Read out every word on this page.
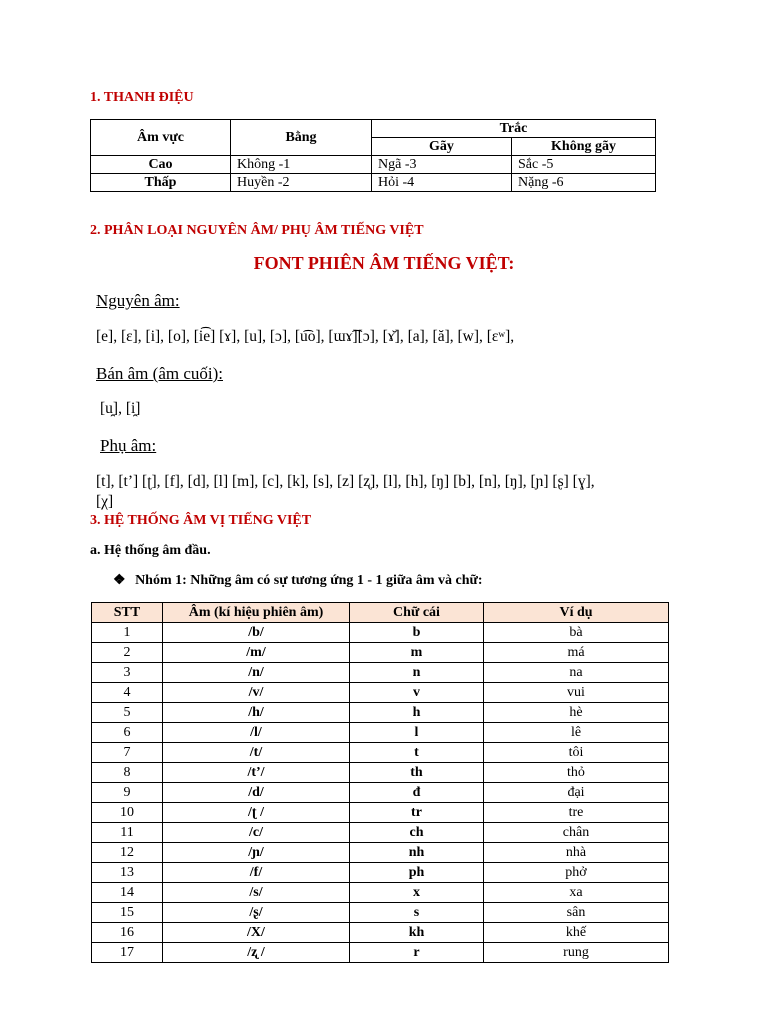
1. THANH ĐIỆU
Âm vực	Bằng	Trắc	
		Gãy	Không gãy
Cao	Không -1	Ngã -3	Sắc -5
Thấp	Huyền -2	Hỏi -4	Nặng -6
2. PHÂN LOẠI NGUYÊN ÂM/ PHỤ ÂM TIẾNG VIỆT
FONT PHIÊN ÂM TIẾNG VIỆT:
Nguyên âm:
[e], [ɛ], [i], [o], [i͡e] [ɤ], [u], [ɔ], [u͡o], [ɯɤ͡][ɔ], [ɤ̆], [a], [ă], [w], [ɛʷ],
Bán âm (âm cuối):
[u̯], [i̯]
Phụ âm:
[t], [t’] [ʈ], [f], [d], [l] [m], [c], [k], [s], [z] [ʐ], [l], [h], [ŋ] [b], [n], [ŋ], [ɲ] [ʂ] [ɣ],
[χ]
3. HỆ THỐNG ÂM VỊ TIẾNG VIỆT
a. Hệ thống âm đầu.
❖ Nhóm 1: Những âm có sự tương ứng 1 - 1 giữa âm và chữ:
STT	Âm (kí hiệu phiên âm)	Chữ cái	Ví dụ
1	/b/	b	bà
2	/m/	m	má
3	/n/	n	na
4	/v/	v	vui
5	/h/	h	hè
6	/l/	l	lê
7	/t/	t	tôi
8	/t’/	th	thỏ
9	/d/	đ	đại
10	/ʈ /	tr	tre
11	/c/	ch	chân
12	/ɲ/	nh	nhà
13	/f/	ph	phở
14	/s/	x	xa
15	/ʂ/	s	sân
16	/X/	kh	khế
17	/ʐ /	r	rung
